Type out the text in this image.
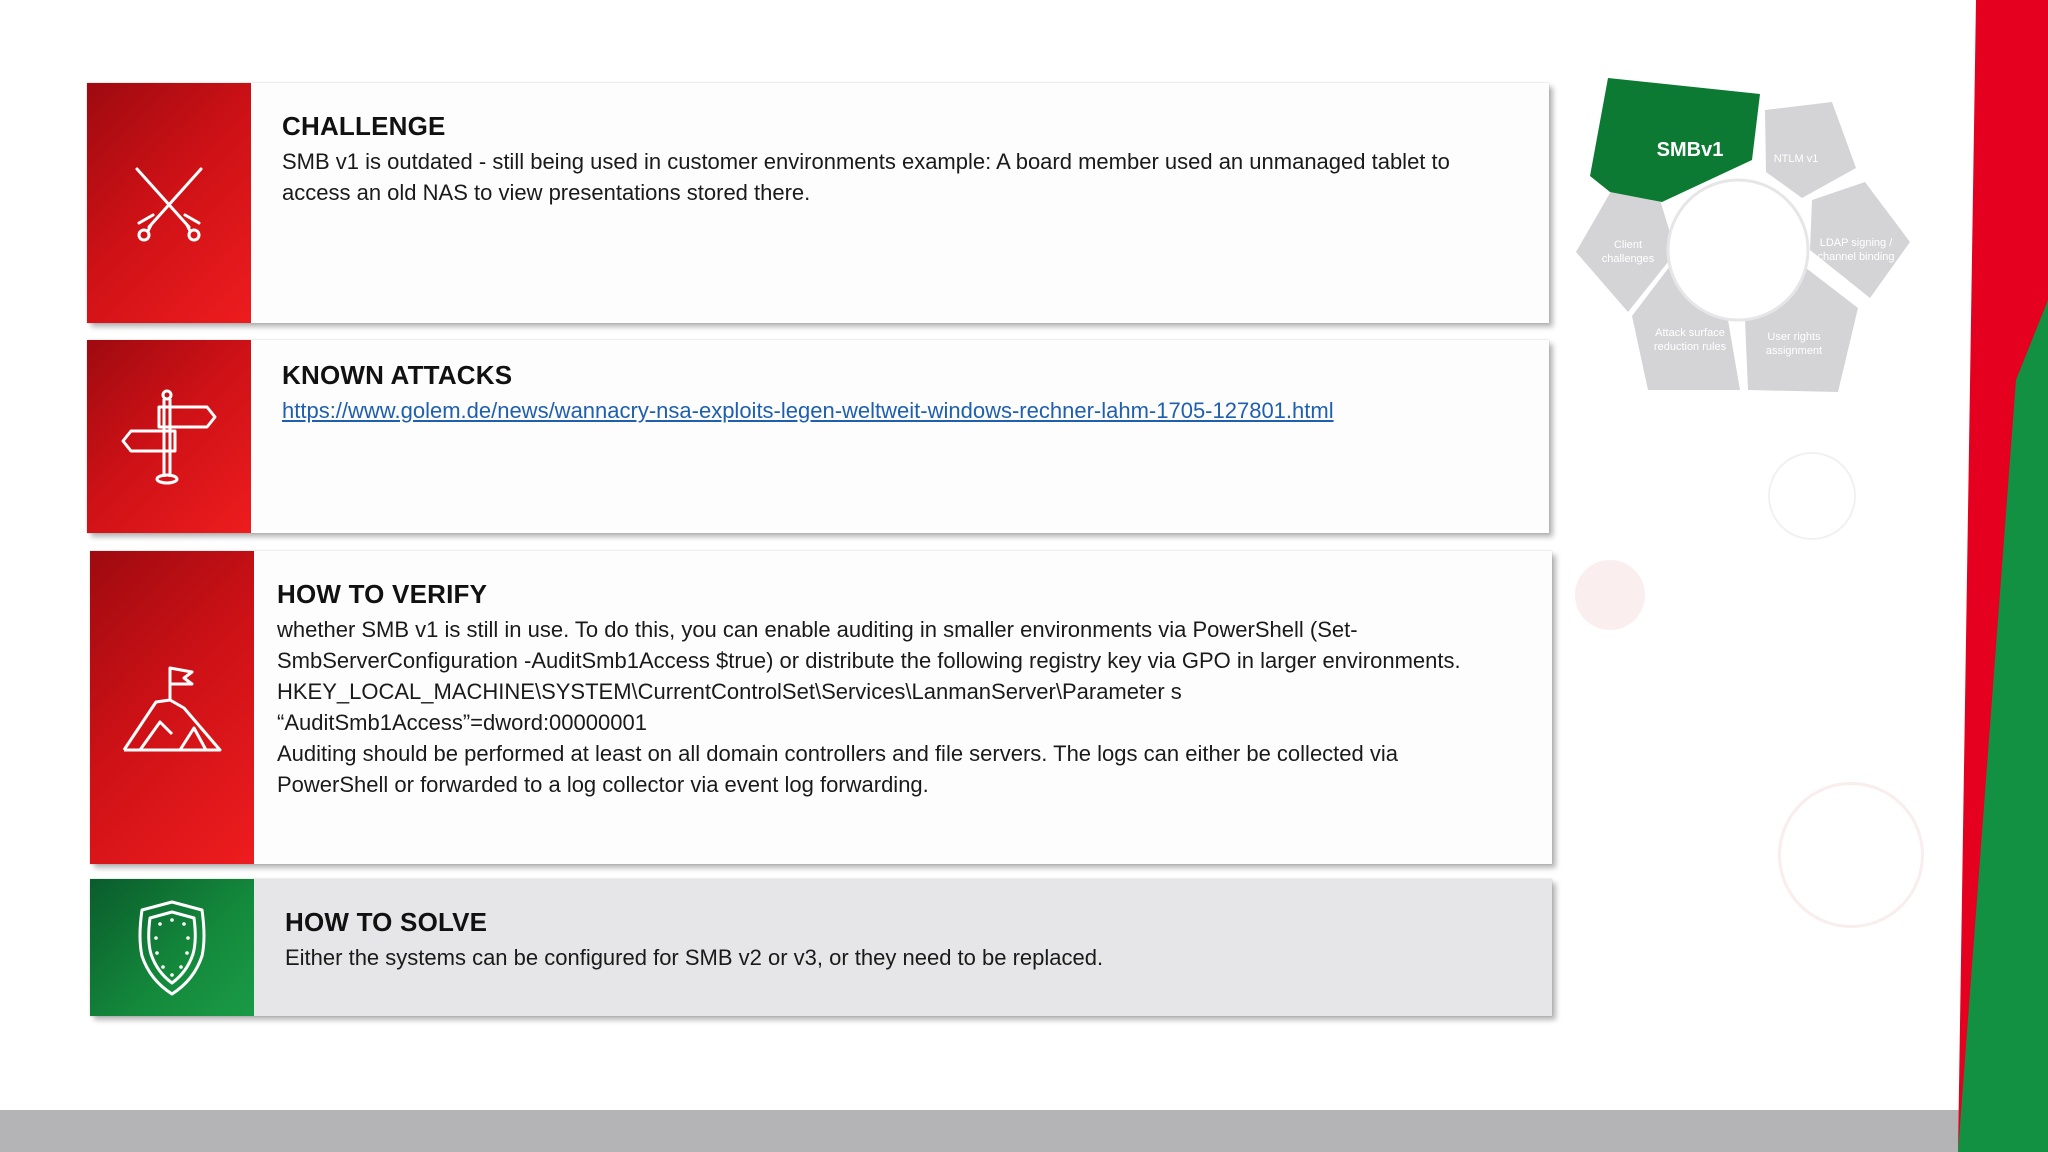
CHALLENGE

SMB v1 is outdated - still being used in customer environments example: A board member used an unmanaged tablet to access an old NAS to view presentations stored there.

KNOWN ATTACKS
https://www.golem.de/news/wannacry-nsa-exploits-legen-weltweit-windows-rechner-lahm-1705-127801.html
HOW TO VERIFY

whether SMB v1 is still in use. To do this, you can enable auditing in smaller environments via PowerShell (Set-SmbServerConfiguration -AuditSmb1Access $true) or distribute the following registry key via GPO in larger environments.
HKEY_LOCAL_MACHINE\SYSTEM\CurrentControlSet\Services\LanmanServer\Parameter s
“AuditSmb1Access”=dword:00000001
Auditing should be performed at least on all domain controllers and file servers. The logs can either be collected via PowerShell or forwarded to a log collector via event log forwarding.

HOW TO SOLVE

Either the systems can be configured for SMB v2 or v3, or they need to be replaced.

SMBv1	NTLM v1
LDAP signing /
channel binding
User rights
assignment
Attack surface
reduction rules
Client
challenges
